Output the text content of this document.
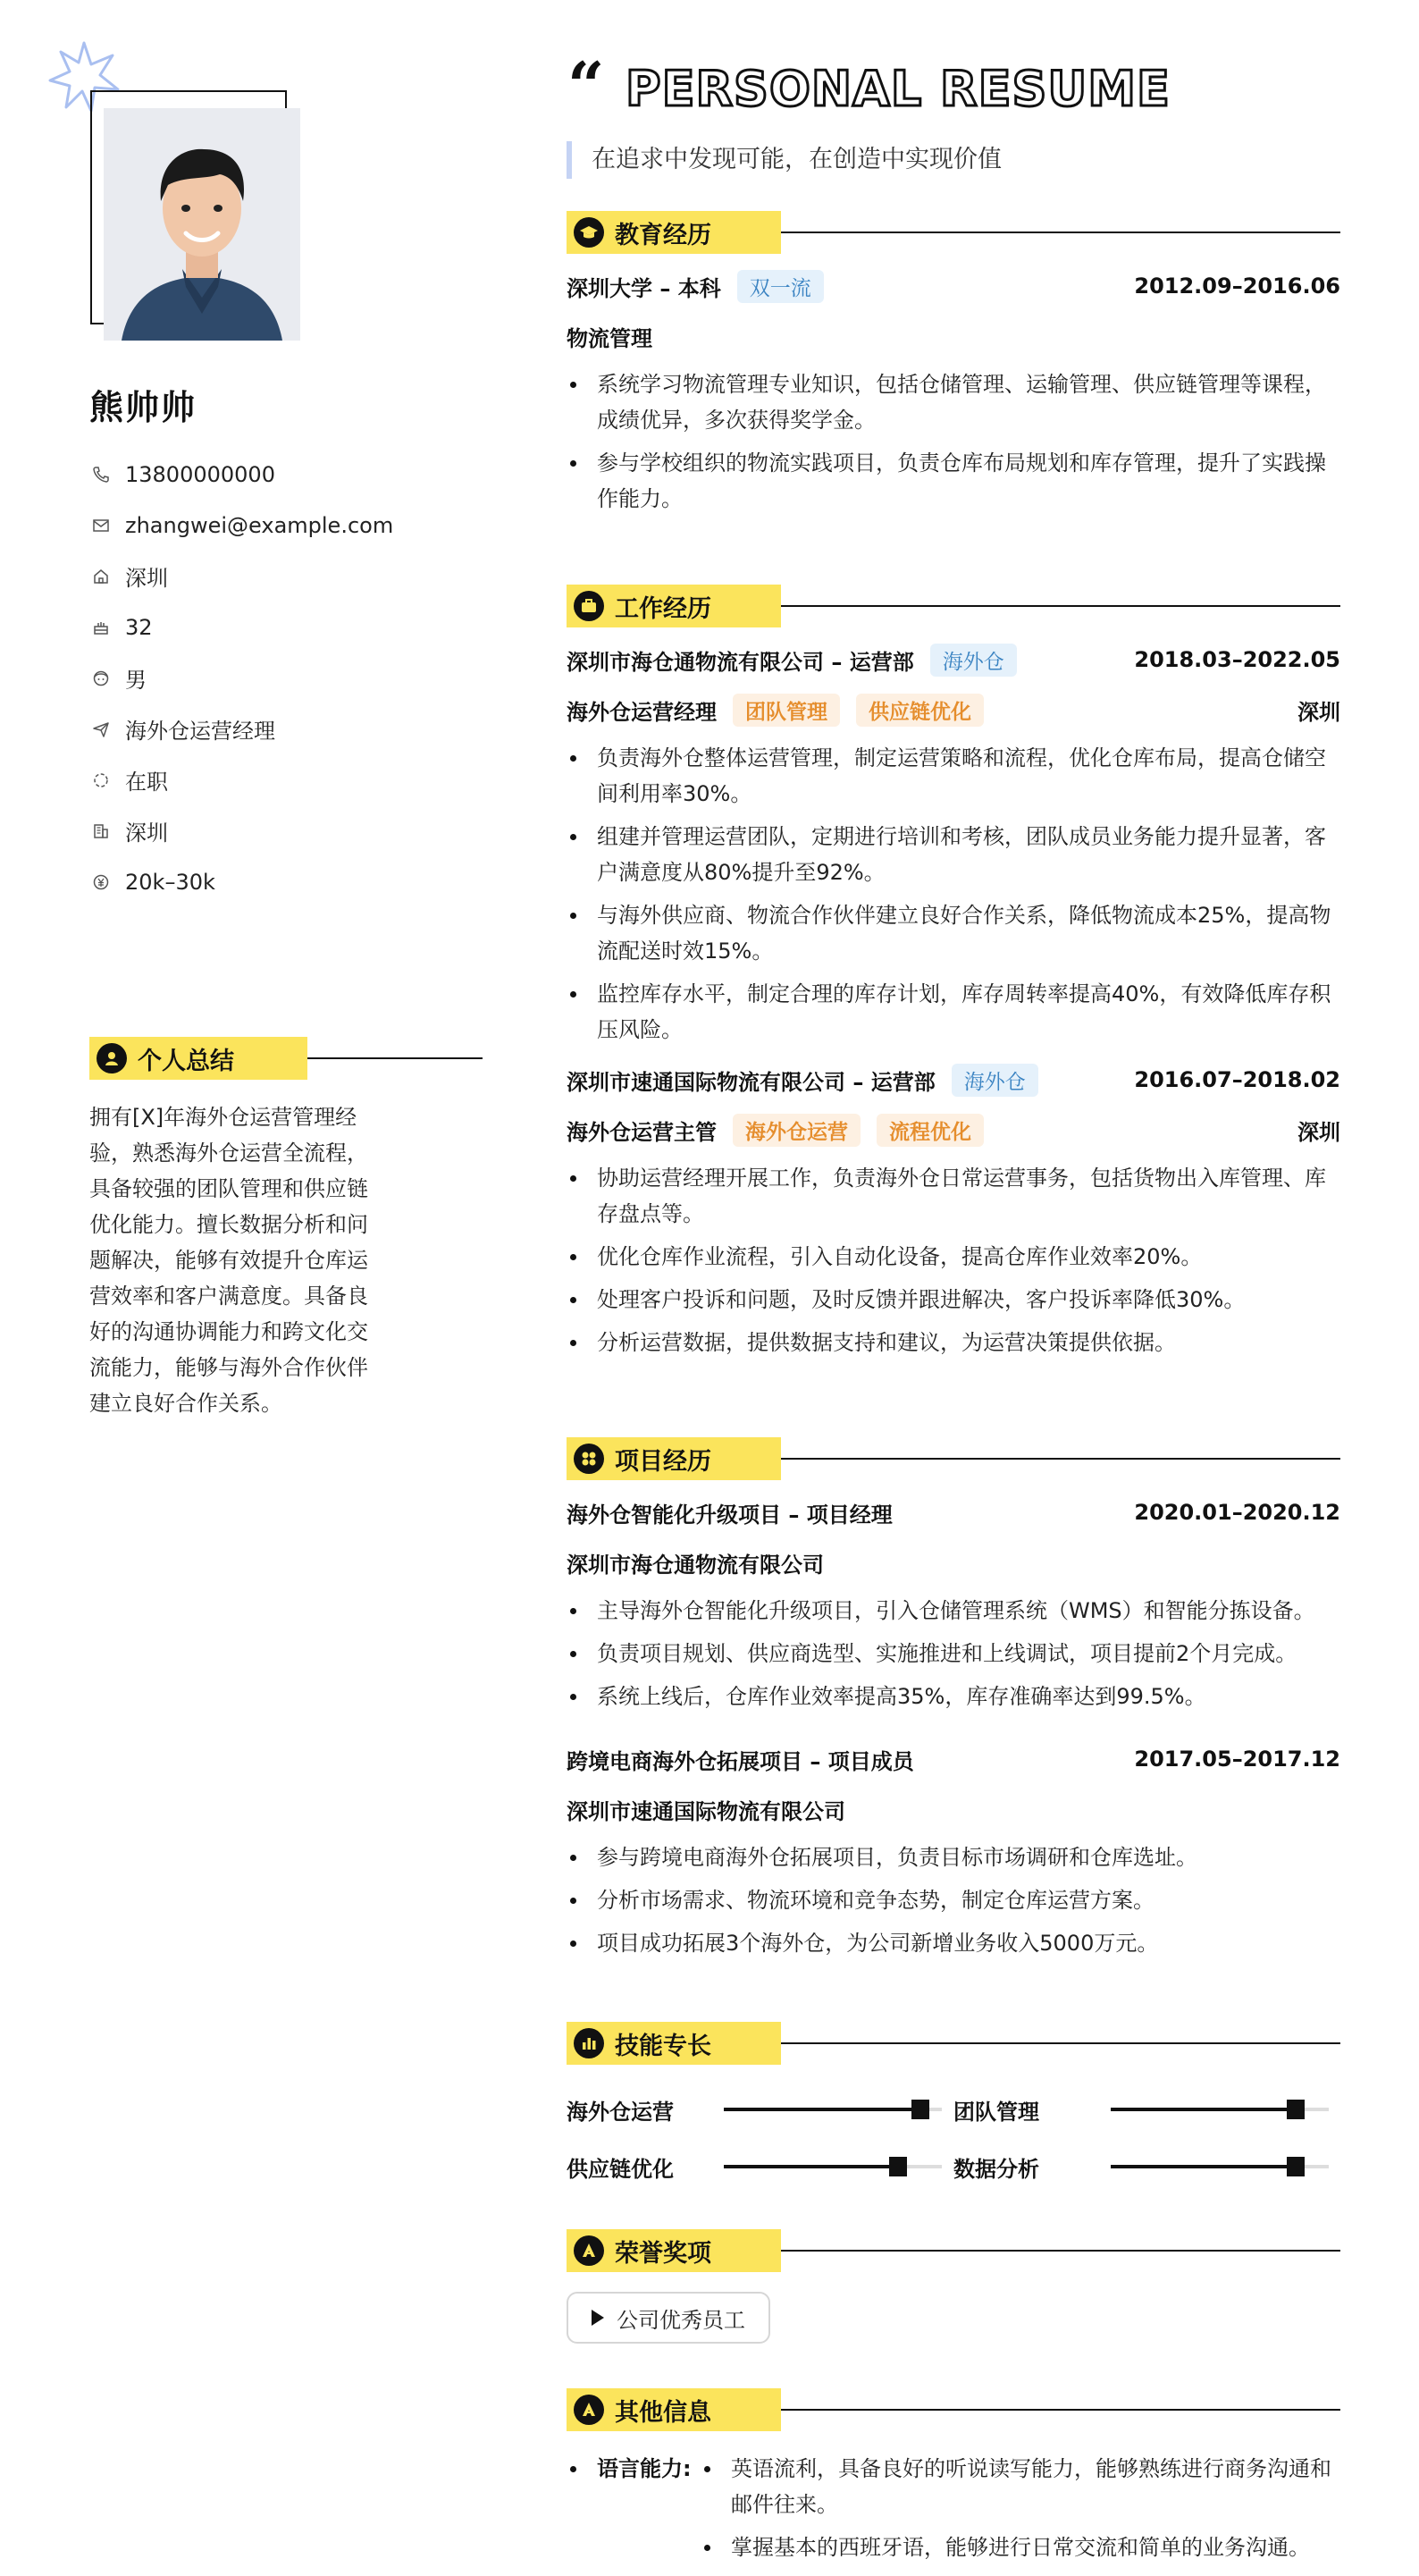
熊帅帅
13800000000
zhangwei@example.com
深圳
32
男
海外仓运营经理
在职
深圳
20k–30k
个人总结
拥有[X]年海外仓运营管理经验，熟悉海外仓运营全流程，具备较强的团队管理和供应链优化能力。擅长数据分析和问题解决，能够有效提升仓库运营效率和客户满意度。具备良好的沟通协调能力和跨文化交流能力，能够与海外合作伙伴建立良好合作关系。
“ PERSONAL RESUME
在追求中发现可能，在创造中实现价值
教育经历
深圳大学 – 本科	双一流	2012.09–2016.06
物流管理
系统学习物流管理专业知识，包括仓储管理、运输管理、供应链管理等课程，成绩优异，多次获得奖学金。
参与学校组织的物流实践项目，负责仓库布局规划和库存管理，提升了实践操作能力。
工作经历
深圳市海仓通物流有限公司 – 运营部	海外仓	2018.03–2022.05
海外仓运营经理	团队管理	供应链优化	深圳
负责海外仓整体运营管理，制定运营策略和流程，优化仓库布局，提高仓储空间利用率30%。
组建并管理运营团队，定期进行培训和考核，团队成员业务能力提升显著，客户满意度从80%提升至92%。
与海外供应商、物流合作伙伴建立良好合作关系，降低物流成本25%，提高物流配送时效15%。
监控库存水平，制定合理的库存计划，库存周转率提高40%，有效降低库存积压风险。
深圳市速通国际物流有限公司 – 运营部	海外仓	2016.07–2018.02
海外仓运营主管	海外仓运营	流程优化	深圳
协助运营经理开展工作，负责海外仓日常运营事务，包括货物出入库管理、库存盘点等。
优化仓库作业流程，引入自动化设备，提高仓库作业效率20%。
处理客户投诉和问题，及时反馈并跟进解决，客户投诉率降低30%。
分析运营数据，提供数据支持和建议，为运营决策提供依据。
项目经历
海外仓智能化升级项目 – 项目经理	2020.01–2020.12
深圳市海仓通物流有限公司
主导海外仓智能化升级项目，引入仓储管理系统（WMS）和智能分拣设备。
负责项目规划、供应商选型、实施推进和上线调试，项目提前2个月完成。
系统上线后，仓库作业效率提高35%，库存准确率达到99.5%。
跨境电商海外仓拓展项目 – 项目成员	2017.05–2017.12
深圳市速通国际物流有限公司
参与跨境电商海外仓拓展项目，负责目标市场调研和仓库选址。
分析市场需求、物流环境和竞争态势，制定仓库运营方案。
项目成功拓展3个海外仓，为公司新增业务收入5000万元。
技能专长
海外仓运营	团队管理
供应链优化	数据分析
荣誉奖项
公司优秀员工
其他信息
语言能力:	英语流利，具备良好的听说读写能力，能够熟练进行商务沟通和邮件往来。
掌握基本的西班牙语，能够进行日常交流和简单的业务沟通。
